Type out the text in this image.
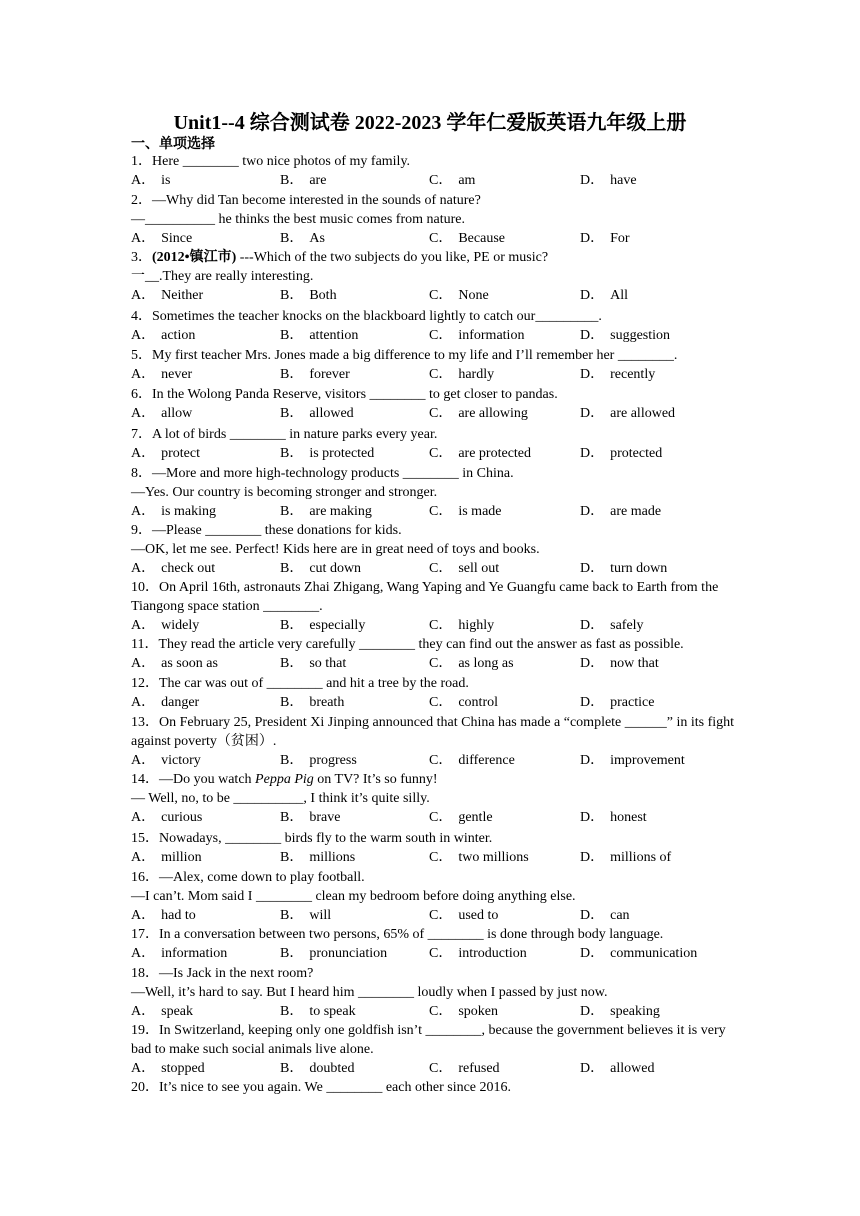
Unit1--4 综合测试卷 2022-2023 学年仁爱版英语九年级上册
一、单项选择
1．Here ________ two nice photos of my family.
A． is	B． are	C． am	D． have
2．—Why did Tan become interested in the sounds of nature?
—__________ he thinks the best music comes from nature.
A． Since	B． As	C． Because	D． For
3．(2012•镇江市) ---Which of the two subjects do you like, PE or music?
一__.They are really interesting.
A． Neither	B． Both	C． None	D． All
4．Sometimes the teacher knocks on the blackboard lightly to catch our_________.
A． action	B． attention	C． information	D． suggestion
5．My first teacher Mrs. Jones made a big difference to my life and I’ll remember her ________.
A． never	B． forever	C． hardly	D． recently
6．In the Wolong Panda Reserve, visitors ________ to get closer to pandas.
A． allow	B． allowed	C． are allowing	D． are allowed
7．A lot of birds ________ in nature parks every year.
A． protect	B． is protected	C． are protected	D． protected
8．—More and more high-technology products ________ in China.
—Yes. Our country is becoming stronger and stronger.
A． is making	B． are making	C． is made	D． are made
9．—Please ________ these donations for kids.
—OK, let me see. Perfect! Kids here are in great need of toys and books.
A． check out	B． cut down	C． sell out	D． turn down
10．On April 16th, astronauts Zhai Zhigang, Wang Yaping and Ye Guangfu came back to Earth from the Tiangong space station ________.
A． widely	B． especially	C． highly	D． safely
11．They read the article very carefully ________ they can find out the answer as fast as possible.
A． as soon as	B． so that	C． as long as	D． now that
12．The car was out of ________ and hit a tree by the road.
A． danger	B． breath	C． control	D． practice
13．On February 25, President Xi Jinping announced that China has made a “complete ______” in its fight against poverty（贫困）.
A． victory	B． progress	C． difference	D． improvement
14．—Do you watch Peppa Pig on TV? It’s so funny!
— Well, no, to be __________, I think it’s quite silly.
A． curious	B． brave	C． gentle	D． honest
15．Nowadays, ________ birds fly to the warm south in winter.
A． million	B． millions	C． two millions	D． millions of
16．—Alex, come down to play football.
—I can’t. Mom said I ________ clean my bedroom before doing anything else.
A． had to	B． will	C． used to	D． can
17．In a conversation between two persons, 65% of ________ is done through body language.
A． information	B． pronunciation	C． introduction	D． communication
18．—Is Jack in the next room?
—Well, it’s hard to say. But I heard him ________ loudly when I passed by just now.
A． speak	B． to speak	C． spoken	D． speaking
19．In Switzerland, keeping only one goldfish isn’t ________, because the government believes it is very bad to make such social animals live alone.
A． stopped	B． doubted	C． refused	D． allowed
20．It’s nice to see you again. We ________ each other since 2016.
